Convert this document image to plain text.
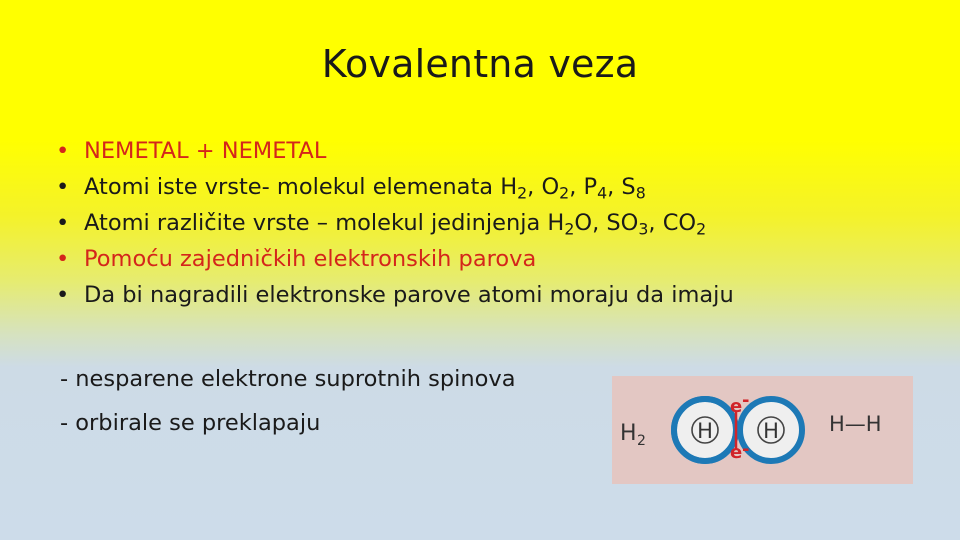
Kovalentna veza
• NEMETAL + NEMETAL
• Atomi iste vrste- molekul elemenata $H_2$, $O_2$, $P_4$, $S_8$
• Atomi različite vrste – molekul jedinjenja $H_2O$, $SO_3$, $CO_2$
• Pomoću zajedničkih elektronskih parova
• Da bi nagradili elektronske parove atomi moraju da imaju
- nesparene elektrone suprotnih spinova
- orbirale se preklapaju	H 2 H H
e -
e -
H—H
